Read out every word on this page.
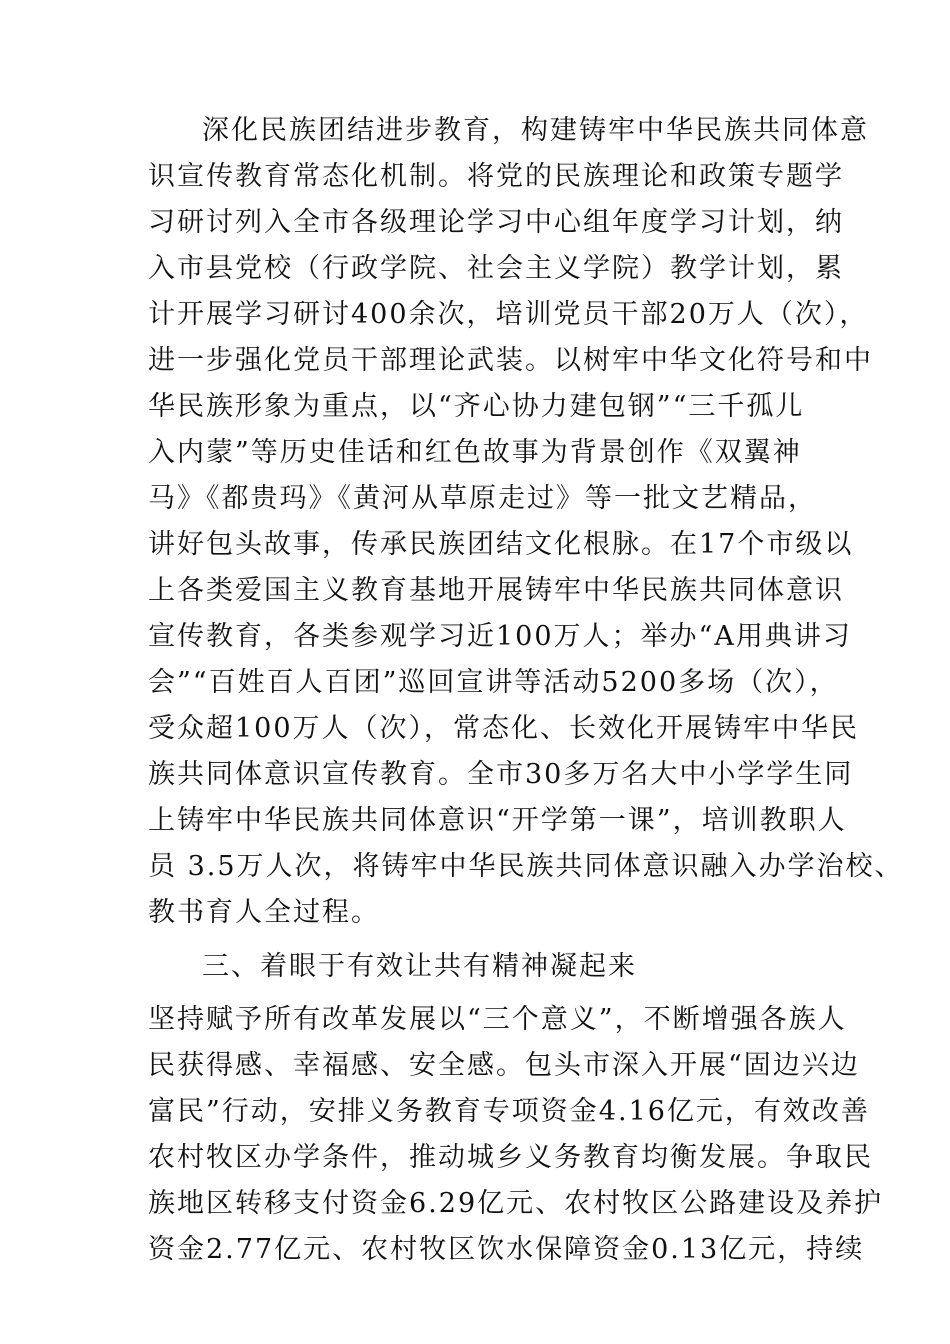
深化民族团结进步教育，构建铸牢中华民族共同体意
识宣传教育常态化机制。将党的民族理论和政策专题学
习研讨列入全市各级理论学习中心组年度学习计划，纳
入市县党校（行政学院、社会主义学院）教学计划，累
计开展学习研讨400余次，培训党员干部20万人（次），
进一步强化党员干部理论武装。以树牢中华文化符号和中
华民族形象为重点，以“齐心协力建包钢”“三千孤儿
入内蒙”等历史佳话和红色故事为背景创作《双翼神
马》《都贵玛》《黄河从草原走过》等一批文艺精品，
讲好包头故事，传承民族团结文化根脉。在17个市级以
上各类爱国主义教育基地开展铸牢中华民族共同体意识
宣传教育，各类参观学习近100万人；举办“A用典讲习
会”“百姓百人百团”巡回宣讲等活动5200多场（次），
受众超100万人（次），常态化、长效化开展铸牢中华民
族共同体意识宣传教育。全市30多万名大中小学学生同
上铸牢中华民族共同体意识“开学第一课”，培训教职人
员 3.5万人次，将铸牢中华民族共同体意识融入办学治校、
教书育人全过程。
三、着眼于有效让共有精神凝起来
坚持赋予所有改革发展以“三个意义”，不断增强各族人
民获得感、幸福感、安全感。包头市深入开展“固边兴边
富民”行动，安排义务教育专项资金4.16亿元，有效改善
农村牧区办学条件，推动城乡义务教育均衡发展。争取民
族地区转移支付资金6.29亿元、农村牧区公路建设及养护
资金2.77亿元、农村牧区饮水保障资金0.13亿元，持续
